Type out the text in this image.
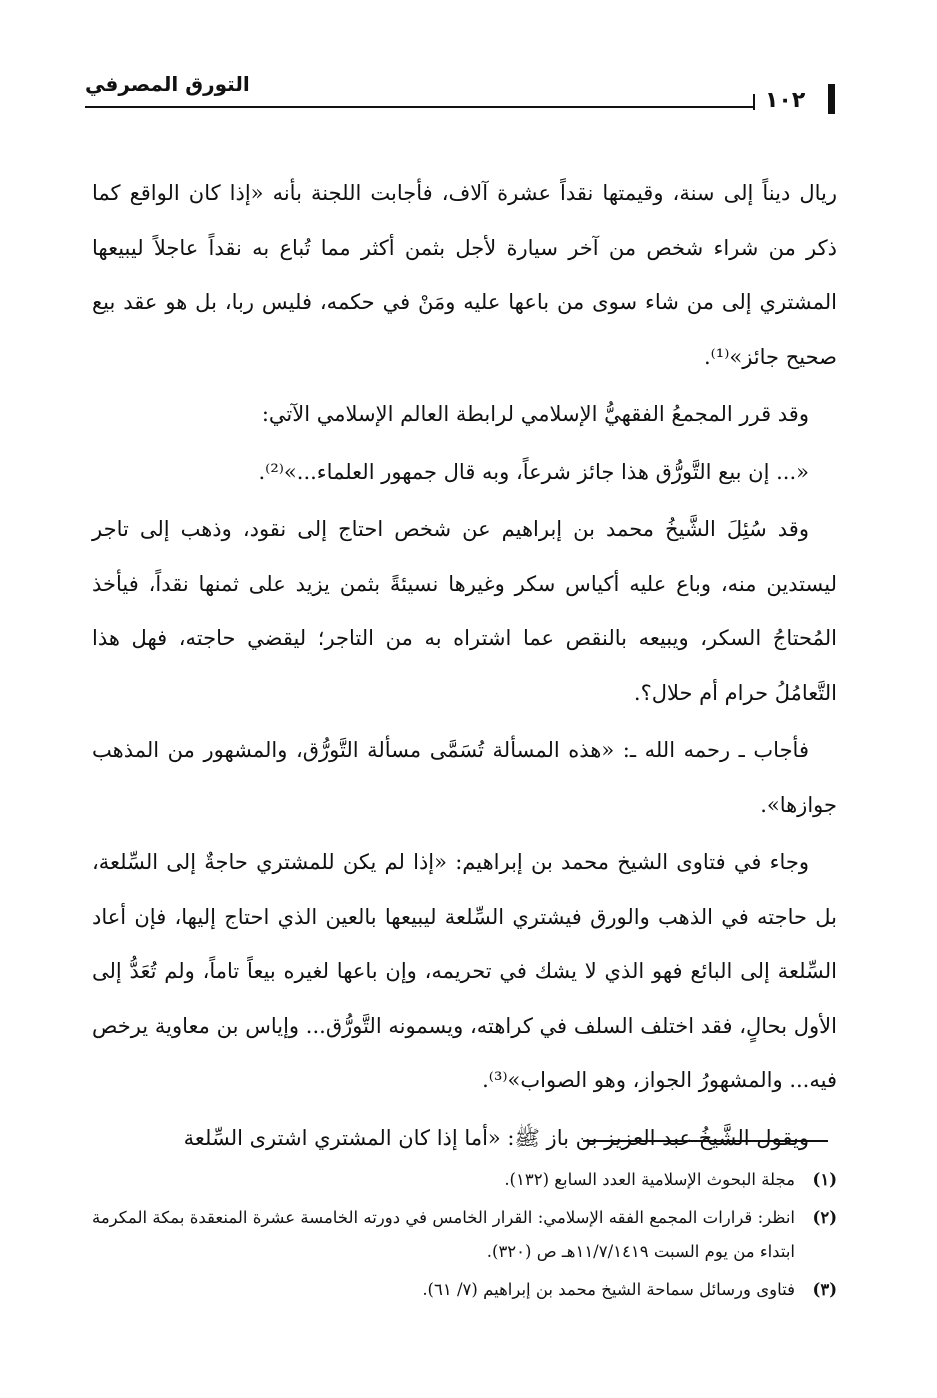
التورق المصرفي
١٠٢

ريال ديناً إلى سنة، وقيمتها نقداً عشرة آلاف، فأجابت اللجنة بأنه «إذا كان الواقع كما ذكر من شراء شخص من آخر سيارة لأجل بثمن أكثر مما تُباع به نقداً عاجلاً ليبيعها المشتري إلى من شاء سوى من باعها عليه ومَنْ في حكمه، فليس ربا، بل هو عقد بيع صحيح جائز»⁽¹⁾.

وقد قرر المجمعُ الفقهيُّ الإسلامي لرابطة العالم الإسلامي الآتي:

«... إن بيع التَّورُّق هذا جائز شرعاً، وبه قال جمهور العلماء...»⁽²⁾.

وقد سُئِلَ الشَّيخُ محمد بن إبراهيم عن شخص احتاج إلى نقود، وذهب إلى تاجر ليستدين منه، وباع عليه أكياس سكر وغيرها نسيئةً بثمن يزيد على ثمنها نقداً، فيأخذ المُحتاجُ السكر، ويبيعه بالنقص عما اشتراه به من التاجر؛ ليقضي حاجته، فهل هذا التَّعامُلُ حرام أم حلال؟.

فأجاب ـ رحمه الله ـ: «هذه المسألة تُسَمَّى مسألة التَّورُّق، والمشهور من المذهب جوازها».

وجاء في فتاوى الشيخ محمد بن إبراهيم: «إذا لم يكن للمشتري حاجةٌ إلى السِّلعة، بل حاجته في الذهب والورق فيشتري السِّلعة ليبيعها بالعين الذي احتاج إليها، فإن أعاد السِّلعة إلى البائع فهو الذي لا يشك في تحريمه، وإن باعها لغيره بيعاً تاماً، ولم تُعَدُّ إلى الأول بحالٍ، فقد اختلف السلف في كراهته، ويسمونه التَّورُّق... وإياس بن معاوية يرخص فيه... والمشهورُ الجواز، وهو الصواب»⁽³⁾.

ويقول الشَّيخُ عبد العزيز بن باز ﷺ: «أما إذا كان المشتري اشترى السِّلعة

(١)
مجلة البحوث الإسلامية العدد السابع (١٣٢).
(٢)
انظر: قرارات المجمع الفقه الإسلامي: القرار الخامس في دورته الخامسة عشرة المنعقدة بمكة المكرمة ابتداء من يوم السبت ١١/٧/١٤١٩هـ ص (٣٢٠).
(٣)
فتاوى ورسائل سماحة الشيخ محمد بن إبراهيم (٧/ ٦١).
